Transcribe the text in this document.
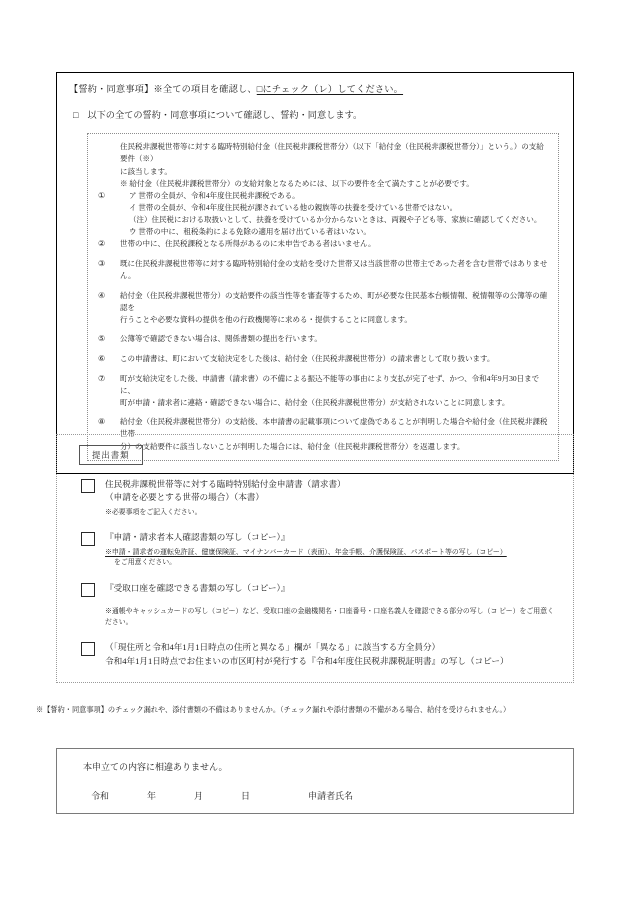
【誓約・同意事項】※全ての項目を確認し、□にチェック（レ）してください。
□ 以下の全ての誓約・同意事項について確認し、誓約・同意します。

住民税非課税世帯等に対する臨時特別給付金（住民税非課税世帯分）（以下「給付金（住民税非課税世帯分）」という。）の支給要件（※）

に該当します。

※ 給付金（住民税非課税世帯分）の支給対象となるためには、以下の要件を全て満たすことが必要です。

①	ア 世帯の全員が、令和4年度住民税非課税である。

イ 世帯の全員が、令和4年度住民税が課されている他の親族等の扶養を受けている世帯ではない。

（注）住民税における取扱いとして、扶養を受けているか分からないときは、両親や子ども等、家族に確認してください。

ウ 世帯の中に、租税条約による免除の適用を届け出ている者はいない。

②	世帯の中に、住民税課税となる所得があるのに未申告である者はいません。

③	既に住民税非課税世帯等に対する臨時特別給付金の支給を受けた世帯又は当該世帯の世帯主であった者を含む世帯ではありません。

④	給付金（住民税非課税世帯分）の支給要件の該当性等を審査等するため、町が必要な住民基本台帳情報、税情報等の公簿等の確認を

行うことや必要な資料の提供を他の行政機関等に求める・提供することに同意します。

⑤	公簿等で確認できない場合は、関係書類の提出を行います。

⑥	この申請書は、町において支給決定をした後は、給付金（住民税非課税世帯分）の請求書として取り扱います。

⑦	町が支給決定をした後、申請書（請求書）の不備による振込不能等の事由により支払が完了せず、かつ、令和4年9月30日までに、

町が申請・請求者に連絡・確認できない場合に、給付金（住民税非課税世帯分）が支給されないことに同意します。

⑧	給付金（住民税非課税世帯分）の支給後、本申請書の記載事項について虚偽であることが判明した場合や給付金（住民税非課税世帯

分）の支給要件に該当しないことが判明した場合には、給付金（住民税非課税世帯分）を返還します。

提出書類

住民税非課税世帯等に対する臨時特別給付金申請書（請求書）

（申請を必要とする世帯の場合）（本書）

※必要事項をご記入ください。

『申請・請求者本人確認書類の写し（コピー）』

※申請・請求者の運転免許証、健康保険証、マイナンバーカード（表面）、年金手帳、介護保険証、パスポート等の写し（コピー）
をご用意ください。

『受取口座を確認できる書類の写し（コピー）』

※通帳やキャッシュカードの写し（コピー）など、受取口座の金融機関名・口座番号・口座名義人を確認できる部分の写し（コ ピー）をご用意ください。

（「現住所と令和4年1月1日時点の住所と異なる」欄が「異なる」に該当する方全員分）

令和4年1月1日時点でお住まいの市区町村が発行する『令和4年度住民税非課税証明書』の写し（コピー）

※【誓約・同意事項】のチェック漏れや、添付書類の不備はありませんか。（チェック漏れや添付書類の不備がある場合、給付を受けられません。）
本申立ての内容に相違ありません。
令和	年	月	日	申請者氏名
